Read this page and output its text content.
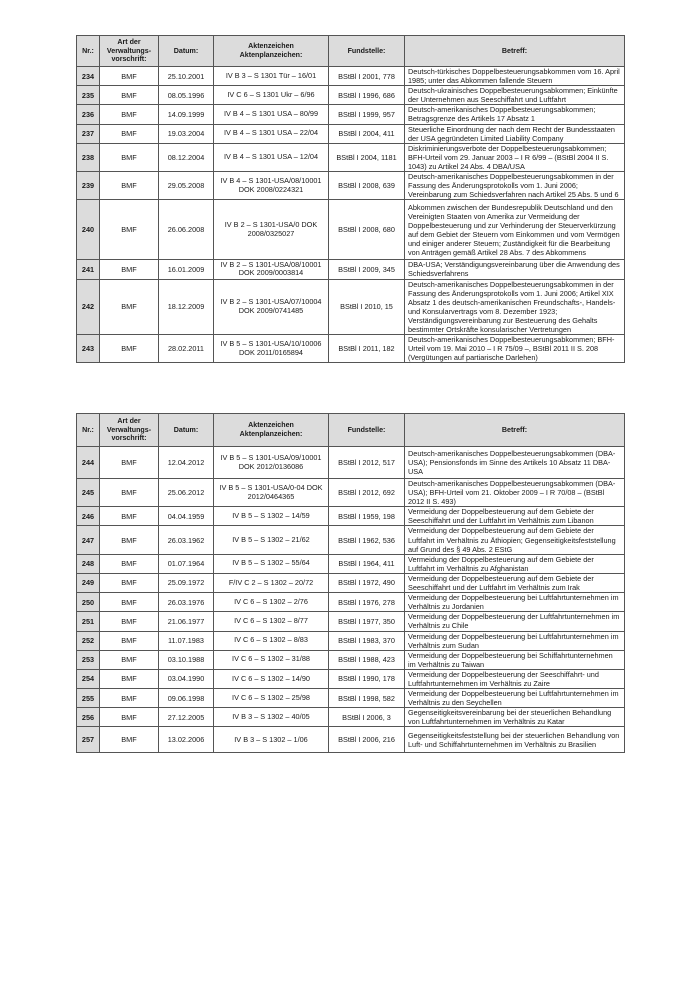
Nr.:	Art der Verwaltungs-vorschrift:	Datum:	Aktenzeichen Aktenplanzeichen:	Fundstelle:	Betreff:
234	BMF	25.10.2001	IV B 3 – S 1301 Tür – 16/01	BStBl I 2001, 778	Deutsch-türkisches Doppelbesteuerungsabkommen vom 16. April 1985; unter das Abkommen fallende Steuern
235	BMF	08.05.1996	IV C 6 – S 1301 Ukr – 6/96	BStBl I 1996, 686	Deutsch-ukrainisches Doppelbesteuerungsabkommen; Einkünfte der Unternehmen aus Seeschiffahrt und Luftfahrt
236	BMF	14.09.1999	IV B 4 – S 1301 USA – 80/99	BStBl I 1999, 957	Deutsch-amerikanisches Doppelbesteuerungsabkommen; Betragsgrenze des Artikels 17 Absatz 1
237	BMF	19.03.2004	IV B 4 – S 1301 USA – 22/04	BStBl I 2004, 411	Steuerliche Einordnung der nach dem Recht der Bundesstaaten der USA gegründeten Limited Liability Company
238	BMF	08.12.2004	IV B 4 – S 1301 USA – 12/04	BStBl I 2004, 1181	Diskriminierungsverbote der Doppelbesteuerungsabkommen; BFH-Urteil vom 29. Januar 2003 – I R 6/99 – (BStBl 2004 II S. 1043) zu Artikel 24 Abs. 4 DBA/USA
239	BMF	29.05.2008	IV B 4 – S 1301-USA/08/10001 DOK 2008/0224321	BStBl I 2008, 639	Deutsch-amerikanisches Doppelbesteuerungsabkommen in der Fassung des Änderungsprotokolls vom 1. Juni 2006; Vereinbarung zum Schiedsverfahren nach Artikel 25 Abs. 5 und 6
240	BMF	26.06.2008	IV B 2 – S 1301-USA/0 DOK 2008/0325027	BStBl I 2008, 680	Abkommen zwischen der Bundesrepublik Deutschland und den Vereinigten Staaten von Amerika zur Vermeidung der Doppelbesteuerung und zur Verhinderung der Steuerverkürzung auf dem Gebiet der Steuern vom Einkommen und vom Vermögen und einiger anderer Steuern; Zuständigkeit für die Bearbeitung von Anträgen gemäß Artikel 28 Abs. 7 des Abkommens
241	BMF	16.01.2009	IV B 2 – S 1301-USA/08/10001 DOK 2009/0003814	BStBl I 2009, 345	DBA-USA; Verständigungsvereinbarung über die Anwendung des Schiedsverfahrens
242	BMF	18.12.2009	IV B 2 – S 1301-USA/07/10004 DOK 2009/0741485	BStBl I 2010, 15	Deutsch-amerikanisches Doppelbesteuerungsabkommen in der Fassung des Änderungsprotokolls vom 1. Juni 2006; Artikel XIX Absatz 1 des deutsch-amerikanischen Freundschafts-, Handels- und Konsularvertrags vom 8. Dezember 1923; Verständigungsvereinbarung zur Besteuerung des Gehalts bestimmter Ortskräfte konsularischer Vertretungen
243	BMF	28.02.2011	IV B 5 – S 1301-USA/10/10006 DOK 2011/0165894	BStBl I 2011, 182	Deutsch-amerikanisches Doppelbesteuerungsabkommen; BFH-Urteil vom 19. Mai 2010 – I R 75/09 –, BStBl 2011 II S. 208 (Vergütungen auf partiarische Darlehen)
Nr.:	Art der Verwaltungs-vorschrift:	Datum:	Aktenzeichen Aktenplanzeichen:	Fundstelle:	Betreff:
244	BMF	12.04.2012	IV B 5 – S 1301-USA/09/10001 DOK 2012/0136086	BStBl I 2012, 517	Deutsch-amerikanisches Doppelbesteuerungsabkommen (DBA-USA); Pensionsfonds im Sinne des Artikels 10 Absatz 11 DBA-USA
245	BMF	25.06.2012	IV B 5 – S 1301-USA/0-04 DOK 2012/0464365	BStBl I 2012, 692	Deutsch-amerikanisches Doppelbesteuerungsabkommen (DBA-USA); BFH-Urteil vom 21. Oktober 2009 – I R 70/08 – (BStBl 2012 II S. 493)
246	BMF	04.04.1959	IV B 5 – S 1302 – 14/59	BStBl I 1959, 198	Vermeidung der Doppelbesteuerung auf dem Gebiete der Seeschiffahrt und der Luftfahrt im Verhältnis zum Libanon
247	BMF	26.03.1962	IV B 5 – S 1302 – 21/62	BStBl I 1962, 536	Vermeidung der Doppelbesteuerung auf dem Gebiete der Luftfahrt im Verhältnis zu Äthiopien; Gegenseitigkeitsfeststellung auf Grund des § 49 Abs. 2 EStG
248	BMF	01.07.1964	IV B 5 – S 1302 – 55/64	BStBl I 1964, 411	Vermeidung der Doppelbesteuerung auf dem Gebiete der Luftfahrt im Verhältnis zu Afghanistan
249	BMF	25.09.1972	F/IV C 2 – S 1302 – 20/72	BStBl I 1972, 490	Vermeidung der Doppelbesteuerung auf dem Gebiete der Seeschiffahrt und der Luftfahrt im Verhältnis zum Irak
250	BMF	26.03.1976	IV C 6 – S 1302 – 2/76	BStBl I 1976, 278	Vermeidung der Doppelbesteuerung bei Luftfahrtunternehmen im Verhältnis zu Jordanien
251	BMF	21.06.1977	IV C 6 – S 1302 – 8/77	BStBl I 1977, 350	Vermeidung der Doppelbesteuerung der Luftfahrtunternehmen im Verhältnis zu Chile
252	BMF	11.07.1983	IV C 6 – S 1302 – 8/83	BStBl I 1983, 370	Vermeidung der Doppelbesteuerung bei Luftfahrtunternehmen im Verhältnis zum Sudan
253	BMF	03.10.1988	IV C 6 – S 1302 – 31/88	BStBl I 1988, 423	Vermeidung der Doppelbesteuerung bei Schiffahrtunternehmen im Verhältnis zu Taiwan
254	BMF	03.04.1990	IV C 6 – S 1302 – 14/90	BStBl I 1990, 178	Vermeidung der Doppelbesteuerung der Seeschiffahrt- und Luftfahrtunternehmen im Verhältnis zu Zaire
255	BMF	09.06.1998	IV C 6 – S 1302 – 25/98	BStBl I 1998, 582	Vermeidung der Doppelbesteuerung bei Luftfahrtunternehmen im Verhältnis zu den Seychellen
256	BMF	27.12.2005	IV B 3 – S 1302 – 40/05	BStBl I 2006, 3	Gegenseitigkeitsvereinbarung bei der steuerlichen Behandlung von Luftfahrtunternehmen im Verhältnis zu Katar
257	BMF	13.02.2006	IV B 3 – S 1302 – 1/06	BStBl I 2006, 216	Gegenseitigkeitsfeststellung bei der steuerlichen Behandlung von Luft- und Schiffahrtunternehmen im Verhältnis zu Brasilien
